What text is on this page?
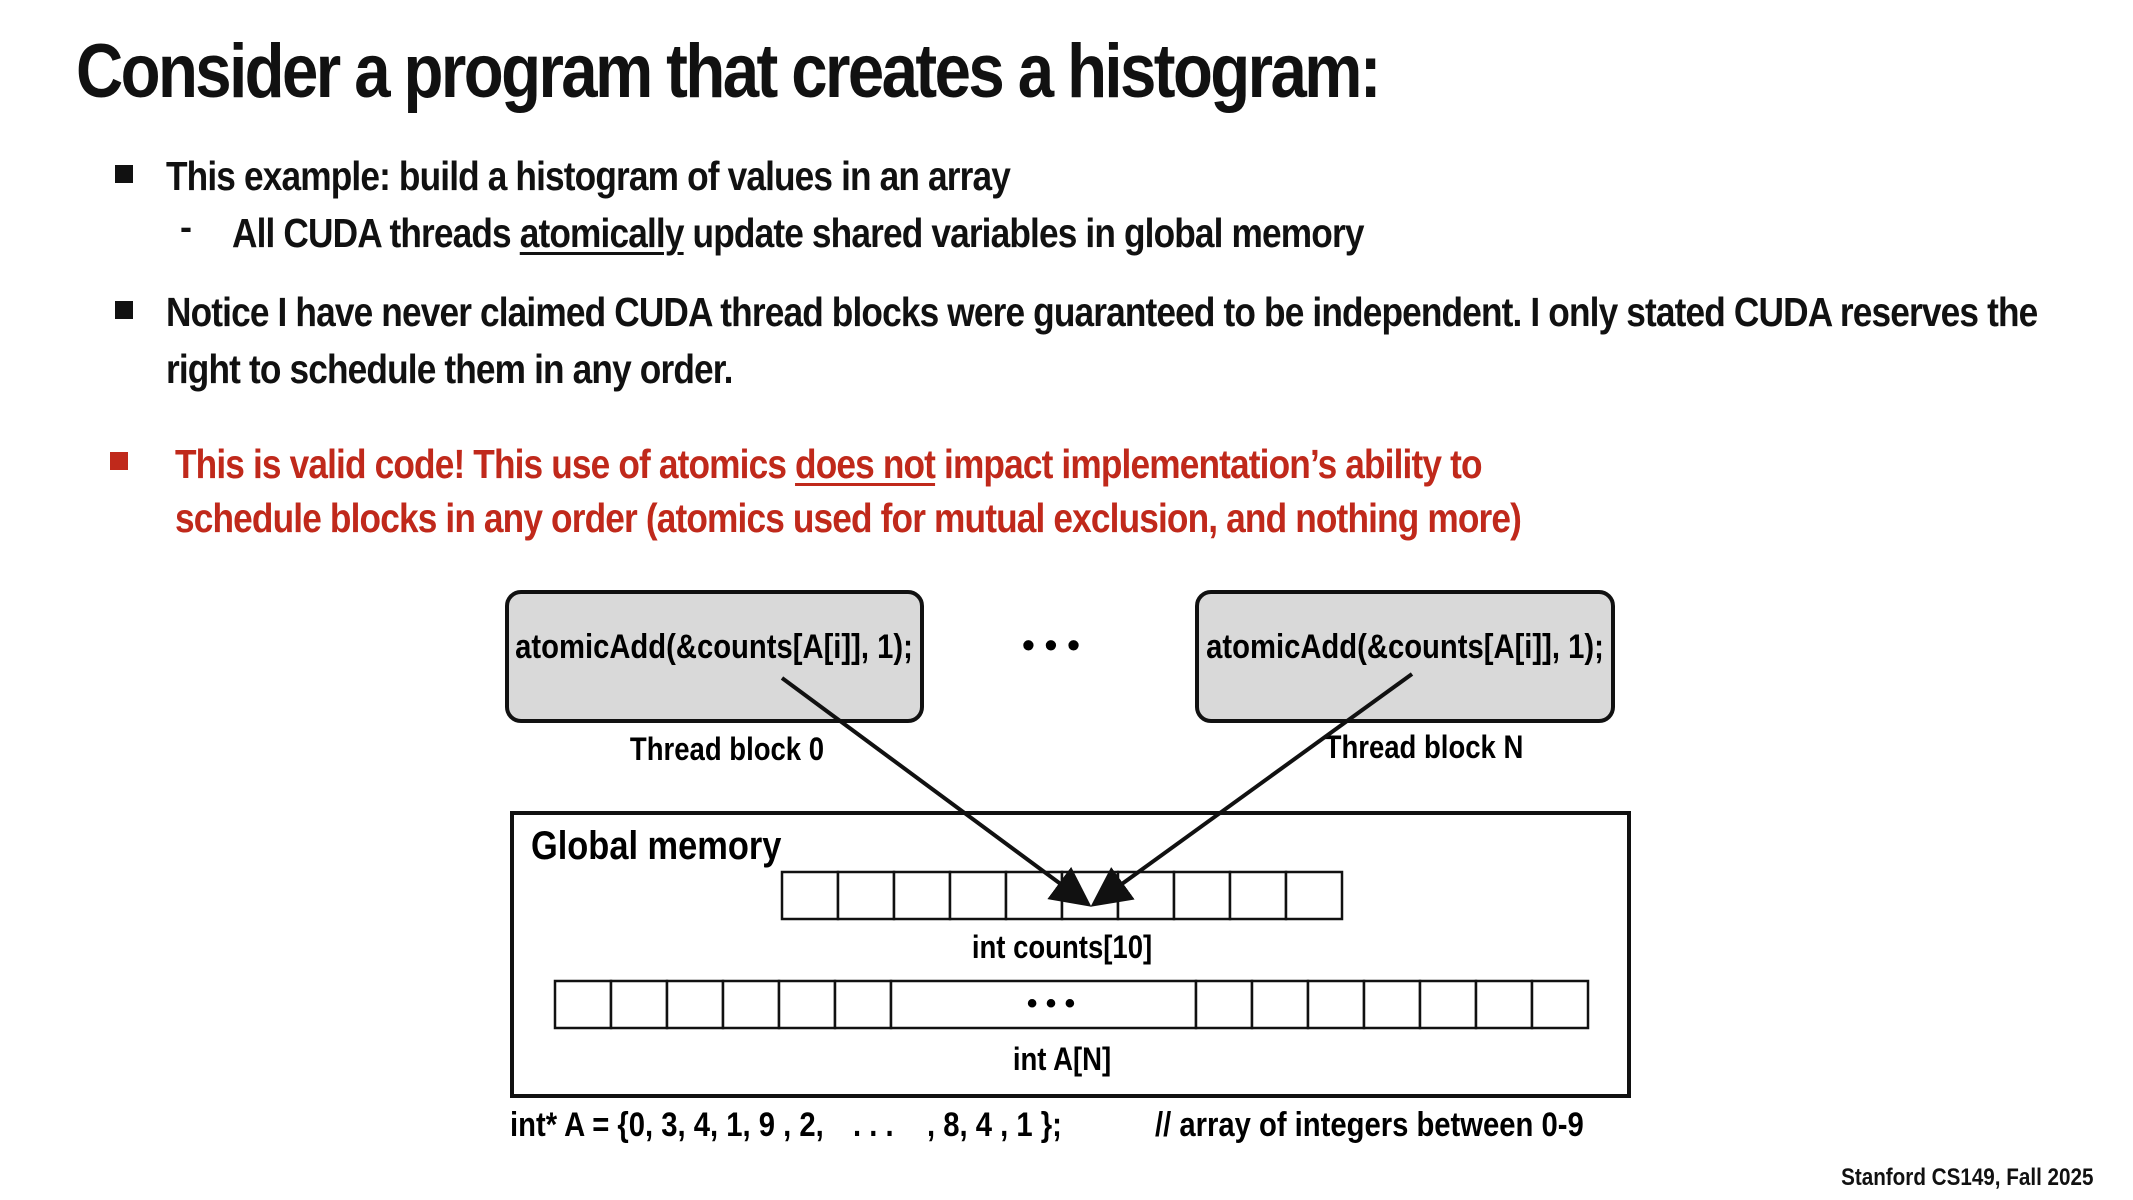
Consider a program that creates a histogram:
This example: build a histogram of values in an array
- All CUDA threads atomically update shared variables in global memory
Notice I have never claimed CUDA thread blocks were guaranteed to be independent. I only stated CUDA reserves the
right to schedule them in any order.
This is valid code! This use of atomics does not impact implementation’s ability to
schedule blocks in any order (atomics used for mutual exclusion, and nothing more)
atomicAdd(&counts[A[i]], 1);
Thread block 0
• • •	atomicAdd(&counts[A[i]], 1);
Thread block N
Global memory
int counts[10]
• • •
int A[N]
int* A = {0, 3, 4, 1, 9 , 2, . . . , 8, 4 , 1 };	// array of integers between 0-9
Stanford CS149, Fall 2025
